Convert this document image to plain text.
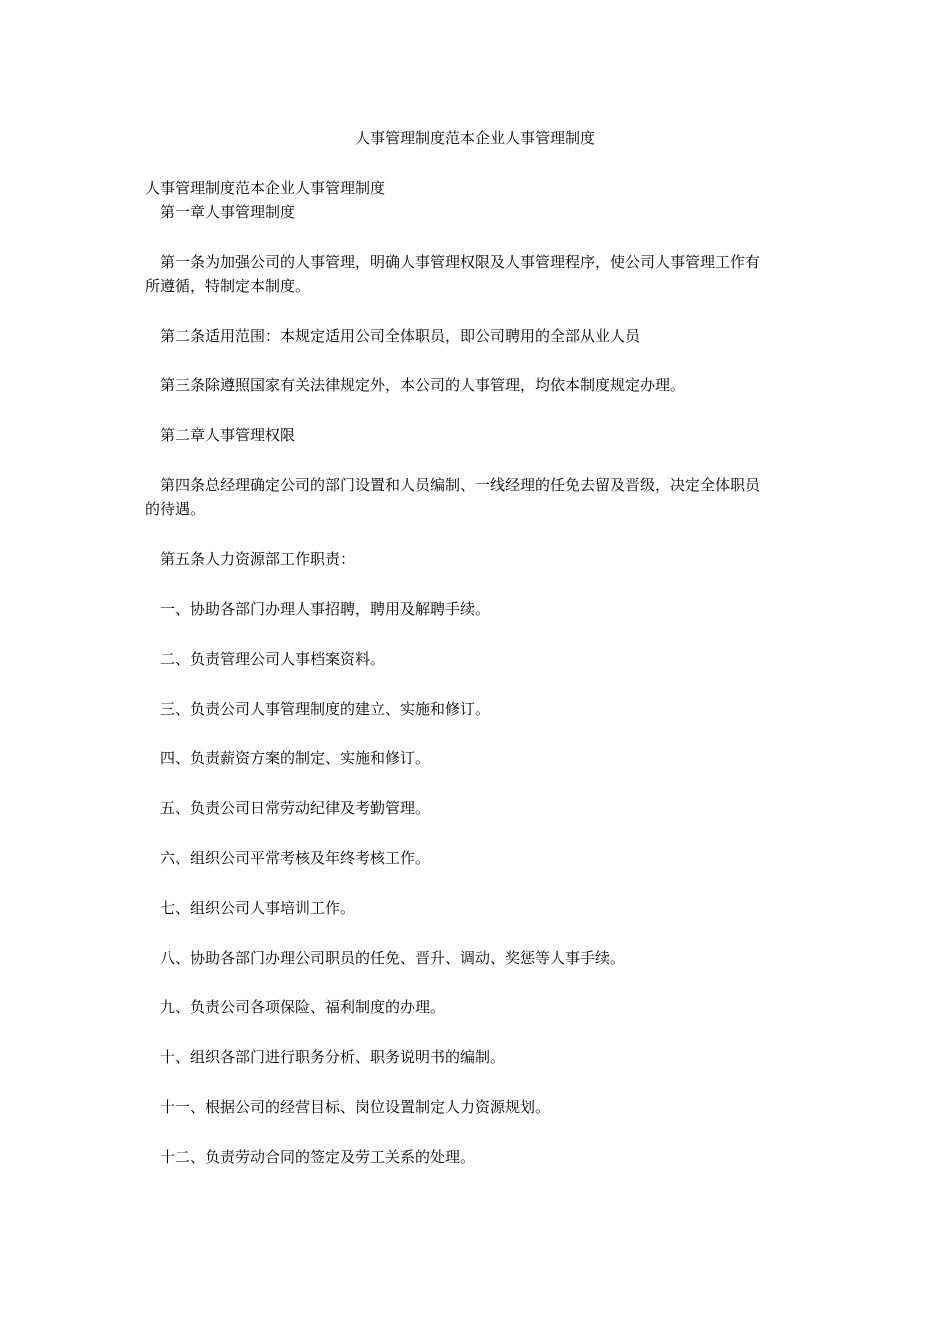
人事管理制度范本企业人事管理制度
人事管理制度范本企业人事管理制度
第一章人事管理制度
第一条为加强公司的人事管理，明确人事管理权限及人事管理程序，使公司人事管理工作有
所遵循，特制定本制度。
第二条适用范围：本规定适用公司全体职员，即公司聘用的全部从业人员
第三条除遵照国家有关法律规定外，本公司的人事管理，均依本制度规定办理。
第二章人事管理权限
第四条总经理确定公司的部门设置和人员编制、一线经理的任免去留及晋级，决定全体职员
的待遇。
第五条人力资源部工作职责：
一、协助各部门办理人事招聘，聘用及解聘手续。
二、负责管理公司人事档案资料。
三、负责公司人事管理制度的建立、实施和修订。
四、负责薪资方案的制定、实施和修订。
五、负责公司日常劳动纪律及考勤管理。
六、组织公司平常考核及年终考核工作。
七、组织公司人事培训工作。
八、协助各部门办理公司职员的任免、晋升、调动、奖惩等人事手续。
九、负责公司各项保险、福利制度的办理。
十、组织各部门进行职务分析、职务说明书的编制。
十一、根据公司的经营目标、岗位设置制定人力资源规划。
十二、负责劳动合同的签定及劳工关系的处理。
